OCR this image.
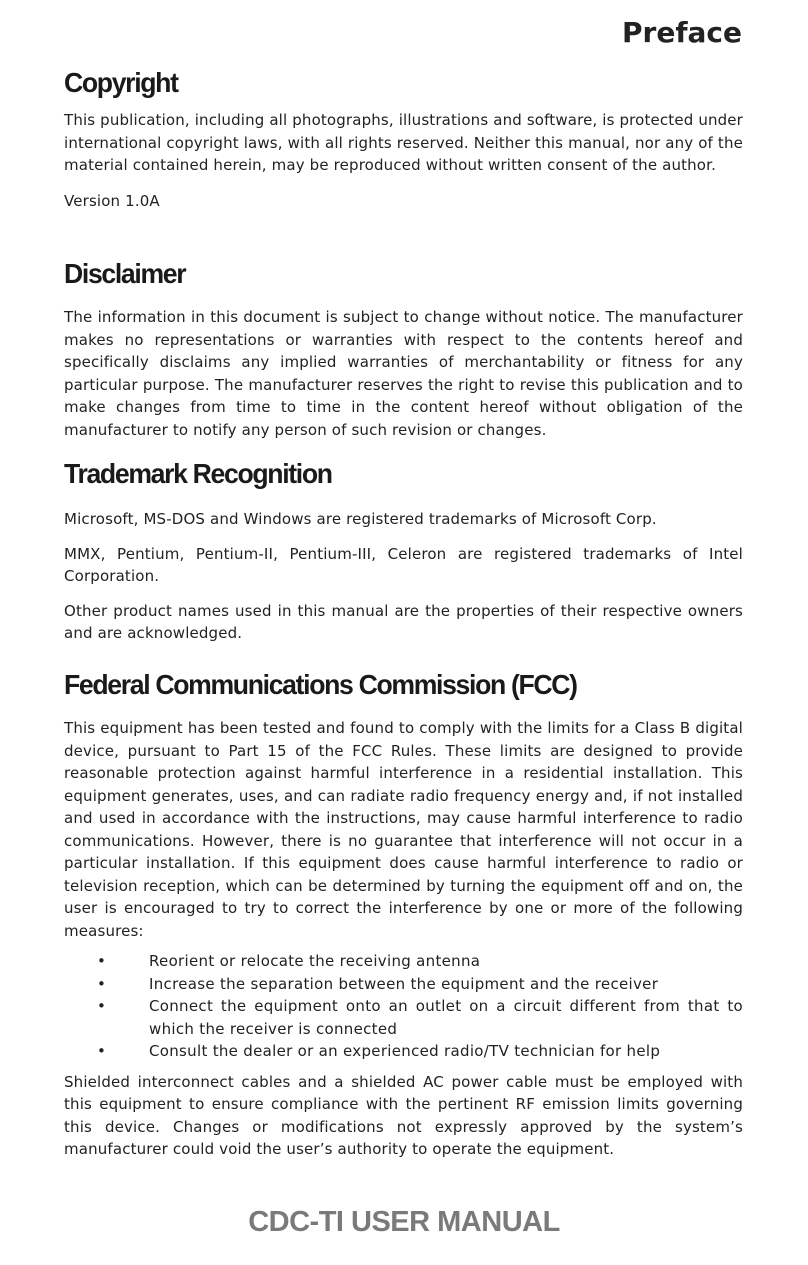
Preface
Copyright

This publication, including all photographs, illustrations and software, is protected under international copyright laws, with all rights reserved. Neither this manual, nor any of the material contained herein, may be reproduced without written consent of the author.

Version 1.0A

Disclaimer

The information in this document is subject to change without notice. The manufacturer makes no representations or warranties with respect to the contents hereof and specifically disclaims any implied warranties of merchantability or fitness for any particular purpose. The manufacturer reserves the right to revise this publication and to make changes from time to time in the content hereof without obligation of the manufacturer to notify any person of such revision or changes.

Trademark Recognition

Microsoft, MS-DOS and Windows are registered trademarks of Microsoft Corp.

MMX, Pentium, Pentium-II, Pentium-III, Celeron are registered trademarks of Intel Corporation.

Other product names used in this manual are the properties of their respective owners and are acknowledged.

Federal Communications Commission (FCC)

This equipment has been tested and found to comply with the limits for a Class B digital device, pursuant to Part 15 of the FCC Rules. These limits are designed to provide reasonable protection against harmful interference in a residential installation. This equipment generates, uses, and can radiate radio frequency energy and, if not installed and used in accordance with the instructions, may cause harmful interference to radio communications. However, there is no guarantee that interference will not occur in a particular installation. If this equipment does cause harmful interference to radio or television reception, which can be determined by turning the equipment off and on, the user is encouraged to try to correct the interference by one or more of the following measures:

•	Reorient or relocate the receiving antenna
•	Increase the separation between the equipment and the receiver
•	Connect the equipment onto an outlet on a circuit different from that to which the receiver is connected
•	Consult the dealer or an experienced radio/TV technician for help

Shielded interconnect cables and a shielded AC power cable must be employed with this equipment to ensure compliance with the pertinent RF emission limits governing this device. Changes or modifications not expressly approved by the system’s manufacturer could void the user’s authority to operate the equipment.

CDC-TI USER MANUAL
